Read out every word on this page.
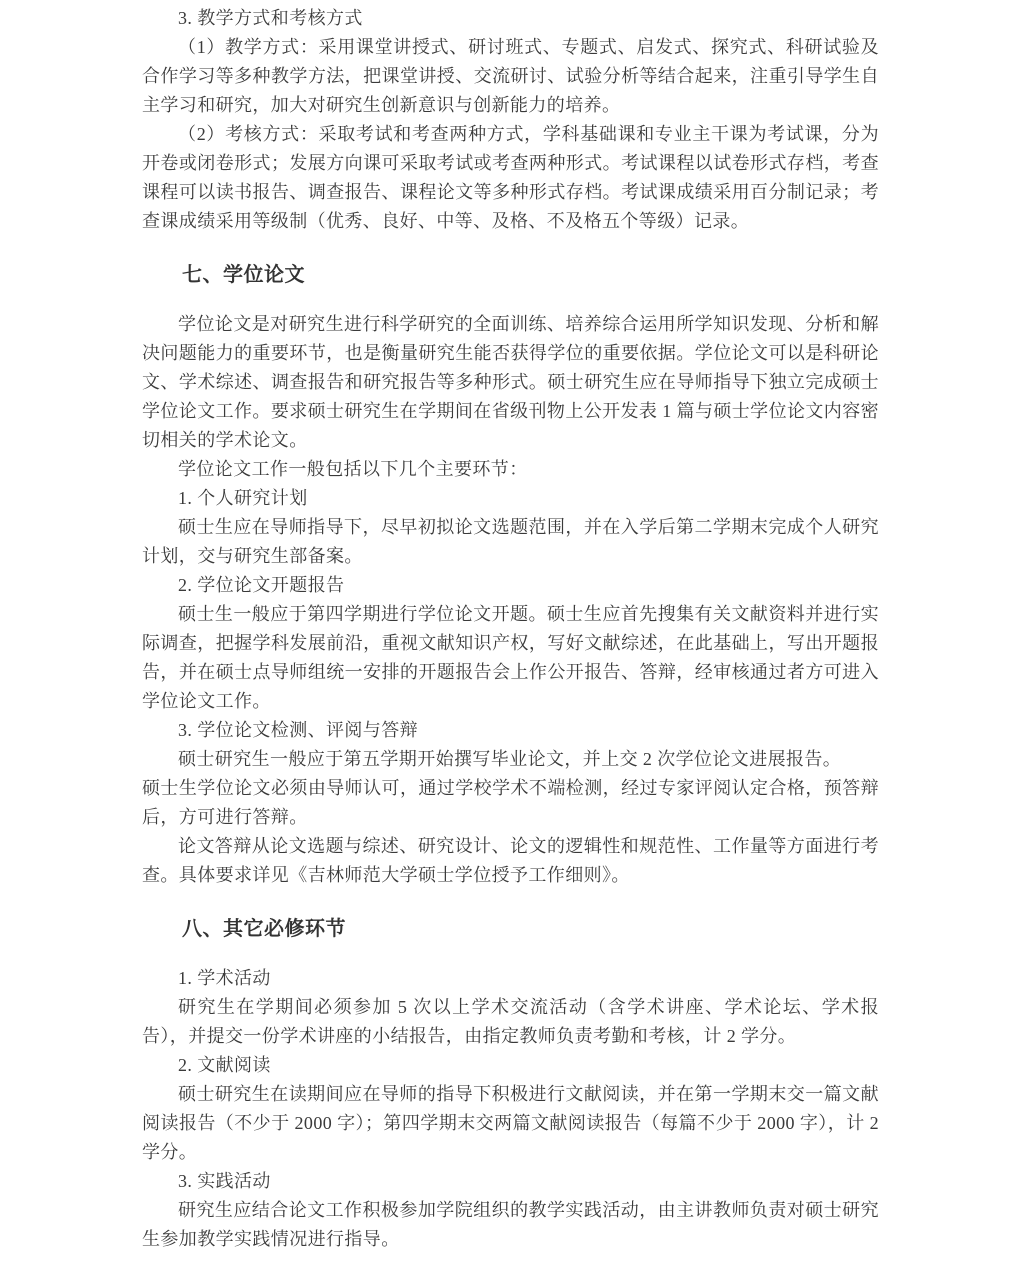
3. 教学方式和考核方式
（1）教学方式：采用课堂讲授式、研讨班式、专题式、启发式、探究式、科研试验及合作学习等多种教学方法，把课堂讲授、交流研讨、试验分析等结合起来，注重引导学生自主学习和研究，加大对研究生创新意识与创新能力的培养。
（2）考核方式：采取考试和考查两种方式，学科基础课和专业主干课为考试课，分为开卷或闭卷形式；发展方向课可采取考试或考查两种形式。考试课程以试卷形式存档，考查课程可以读书报告、调查报告、课程论文等多种形式存档。考试课成绩采用百分制记录；考查课成绩采用等级制（优秀、良好、中等、及格、不及格五个等级）记录。
七、学位论文
学位论文是对研究生进行科学研究的全面训练、培养综合运用所学知识发现、分析和解决问题能力的重要环节，也是衡量研究生能否获得学位的重要依据。学位论文可以是科研论文、学术综述、调查报告和研究报告等多种形式。硕士研究生应在导师指导下独立完成硕士学位论文工作。要求硕士研究生在学期间在省级刊物上公开发表 1 篇与硕士学位论文内容密切相关的学术论文。
学位论文工作一般包括以下几个主要环节：
1. 个人研究计划
硕士生应在导师指导下，尽早初拟论文选题范围，并在入学后第二学期末完成个人研究计划，交与研究生部备案。
2. 学位论文开题报告
硕士生一般应于第四学期进行学位论文开题。硕士生应首先搜集有关文献资料并进行实际调查，把握学科发展前沿，重视文献知识产权，写好文献综述，在此基础上，写出开题报告，并在硕士点导师组统一安排的开题报告会上作公开报告、答辩，经审核通过者方可进入学位论文工作。
3. 学位论文检测、评阅与答辩
硕士研究生一般应于第五学期开始撰写毕业论文，并上交 2 次学位论文进展报告。
硕士生学位论文必须由导师认可，通过学校学术不端检测，经过专家评阅认定合格，预答辩后，方可进行答辩。
论文答辩从论文选题与综述、研究设计、论文的逻辑性和规范性、工作量等方面进行考查。具体要求详见《吉林师范大学硕士学位授予工作细则》。
八、其它必修环节
1. 学术活动
研究生在学期间必须参加 5 次以上学术交流活动（含学术讲座、学术论坛、学术报告），并提交一份学术讲座的小结报告，由指定教师负责考勤和考核，计 2 学分。
2. 文献阅读
硕士研究生在读期间应在导师的指导下积极进行文献阅读，并在第一学期末交一篇文献阅读报告（不少于 2000 字）；第四学期末交两篇文献阅读报告（每篇不少于 2000 字），计 2 学分。
3. 实践活动
研究生应结合论文工作积极参加学院组织的教学实践活动，由主讲教师负责对硕士研究生参加教学实践情况进行指导。
